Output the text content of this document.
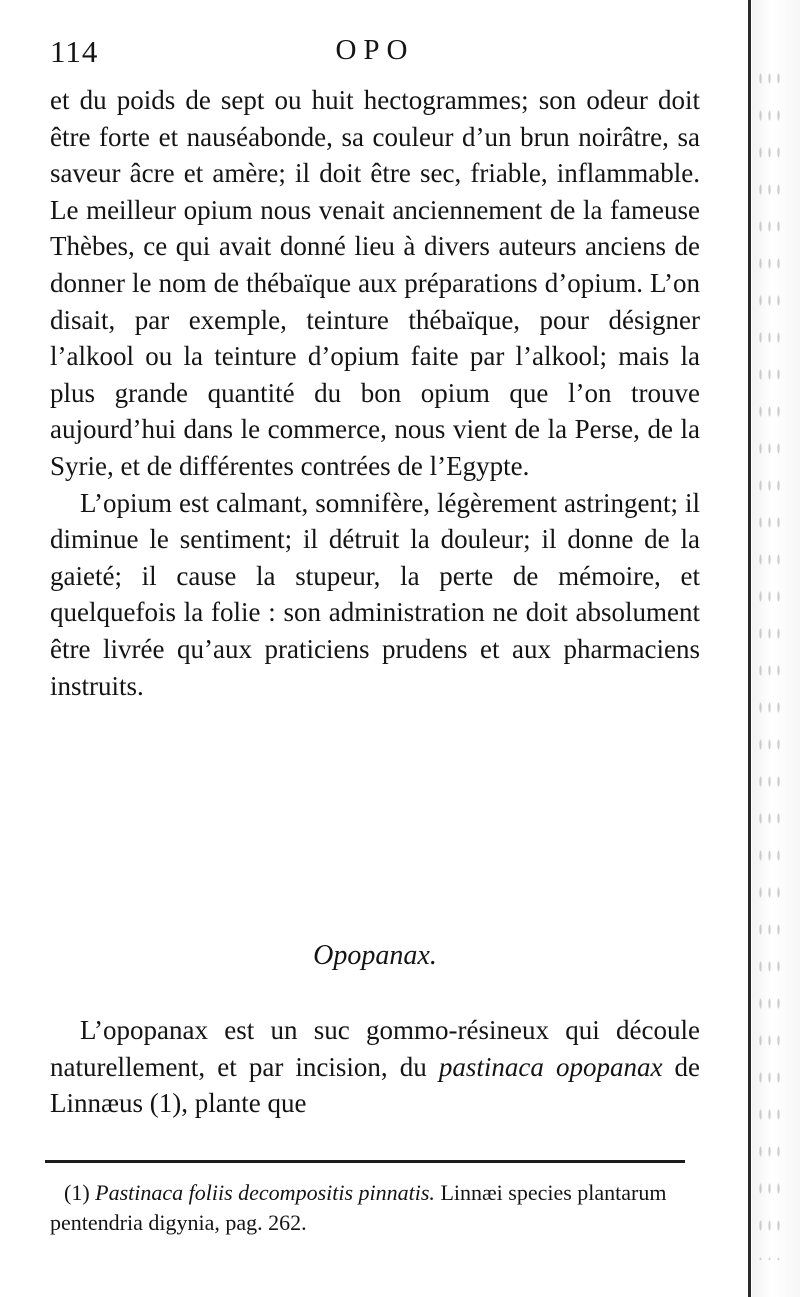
114	OPO

et du poids de sept ou huit hectogrammes; son odeur doit être forte et nauséabonde, sa couleur d’un brun noirâtre, sa saveur âcre et amère; il doit être sec, friable, inflammable. Le meilleur opium nous venait anciennement de la fameuse Thèbes, ce qui avait donné lieu à divers auteurs anciens de donner le nom de thébaïque aux préparations d’opium. L’on disait, par exemple, teinture thébaïque, pour désigner l’alkool ou la teinture d’opium faite par l’alkool; mais la plus grande quantité du bon opium que l’on trouve aujourd’hui dans le commerce, nous vient de la Perse, de la Syrie, et de différentes contrées de l’Egypte.

L’opium est calmant, somnifère, légèrement astringent; il diminue le sentiment; il détruit la douleur; il donne de la gaieté; il cause la stupeur, la perte de mémoire, et quelquefois la folie : son administration ne doit absolument être livrée qu’aux praticiens prudens et aux pharmaciens instruits.

Opopanax.

L’opopanax est un suc gommo-résineux qui découle naturellement, et par incision, du pastinaca opopanax de Linnæus (1), plante que

(1) Pastinaca foliis decompositis pinnatis. Linnæi species plantarum pentendria digynia, pag. 262.
